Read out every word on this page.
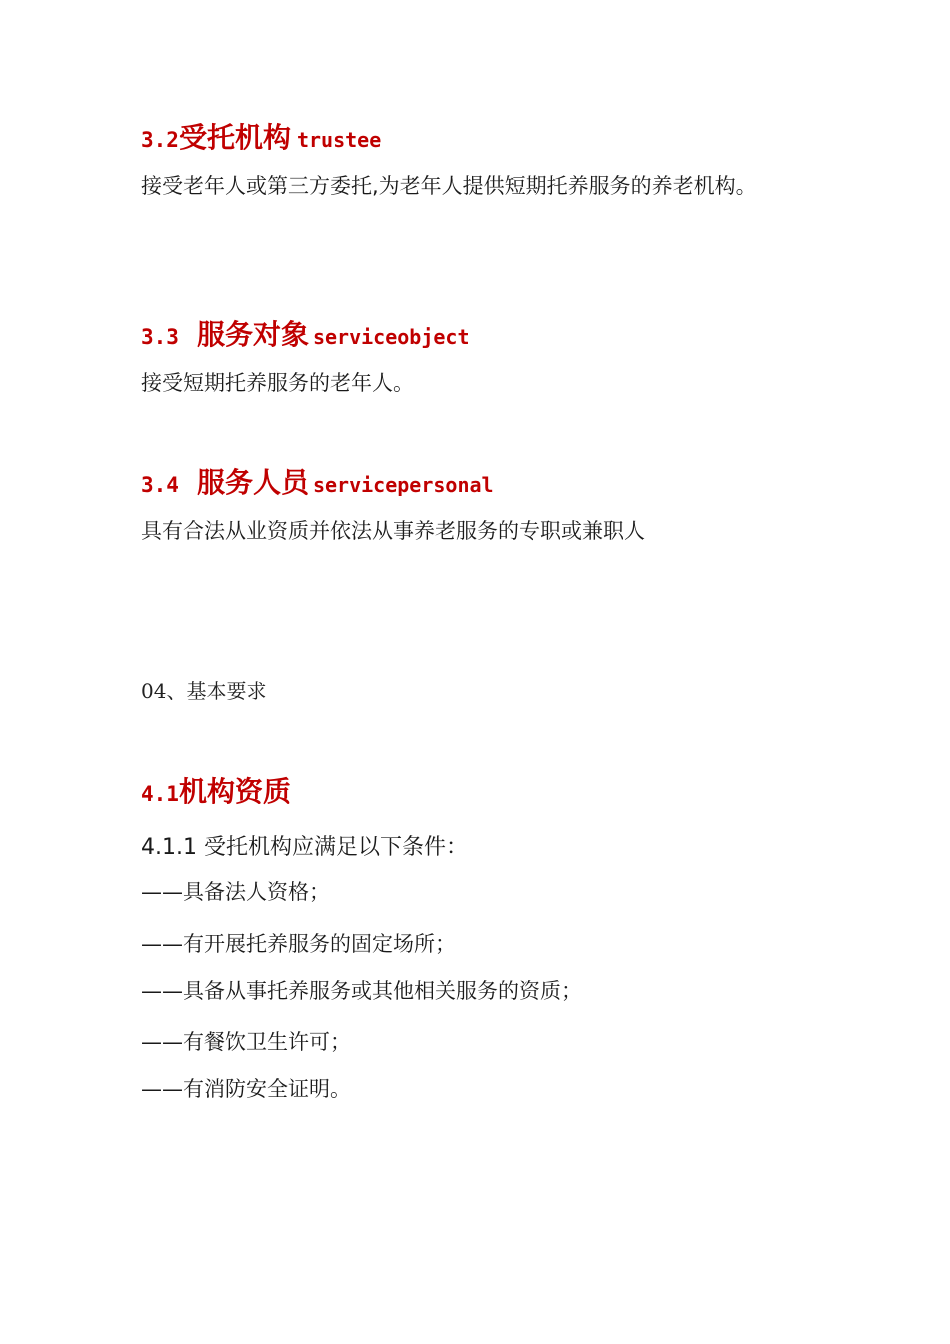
3.2受托机构 trustee
接受老年人或第三方委托,为老年人提供短期托养服务的养老机构。
3.3 服务对象 serviceobject
接受短期托养服务的老年人。
3.4 服务人员 servicepersonal
具有合法从业资质并依法从事养老服务的专职或兼职人
04、基本要求
4.1机构资质
4.1.1 受托机构应满足以下条件：
——具备法人资格；
——有开展托养服务的固定场所；
——具备从事托养服务或其他相关服务的资质；
——有餐饮卫生许可；
——有消防安全证明。
